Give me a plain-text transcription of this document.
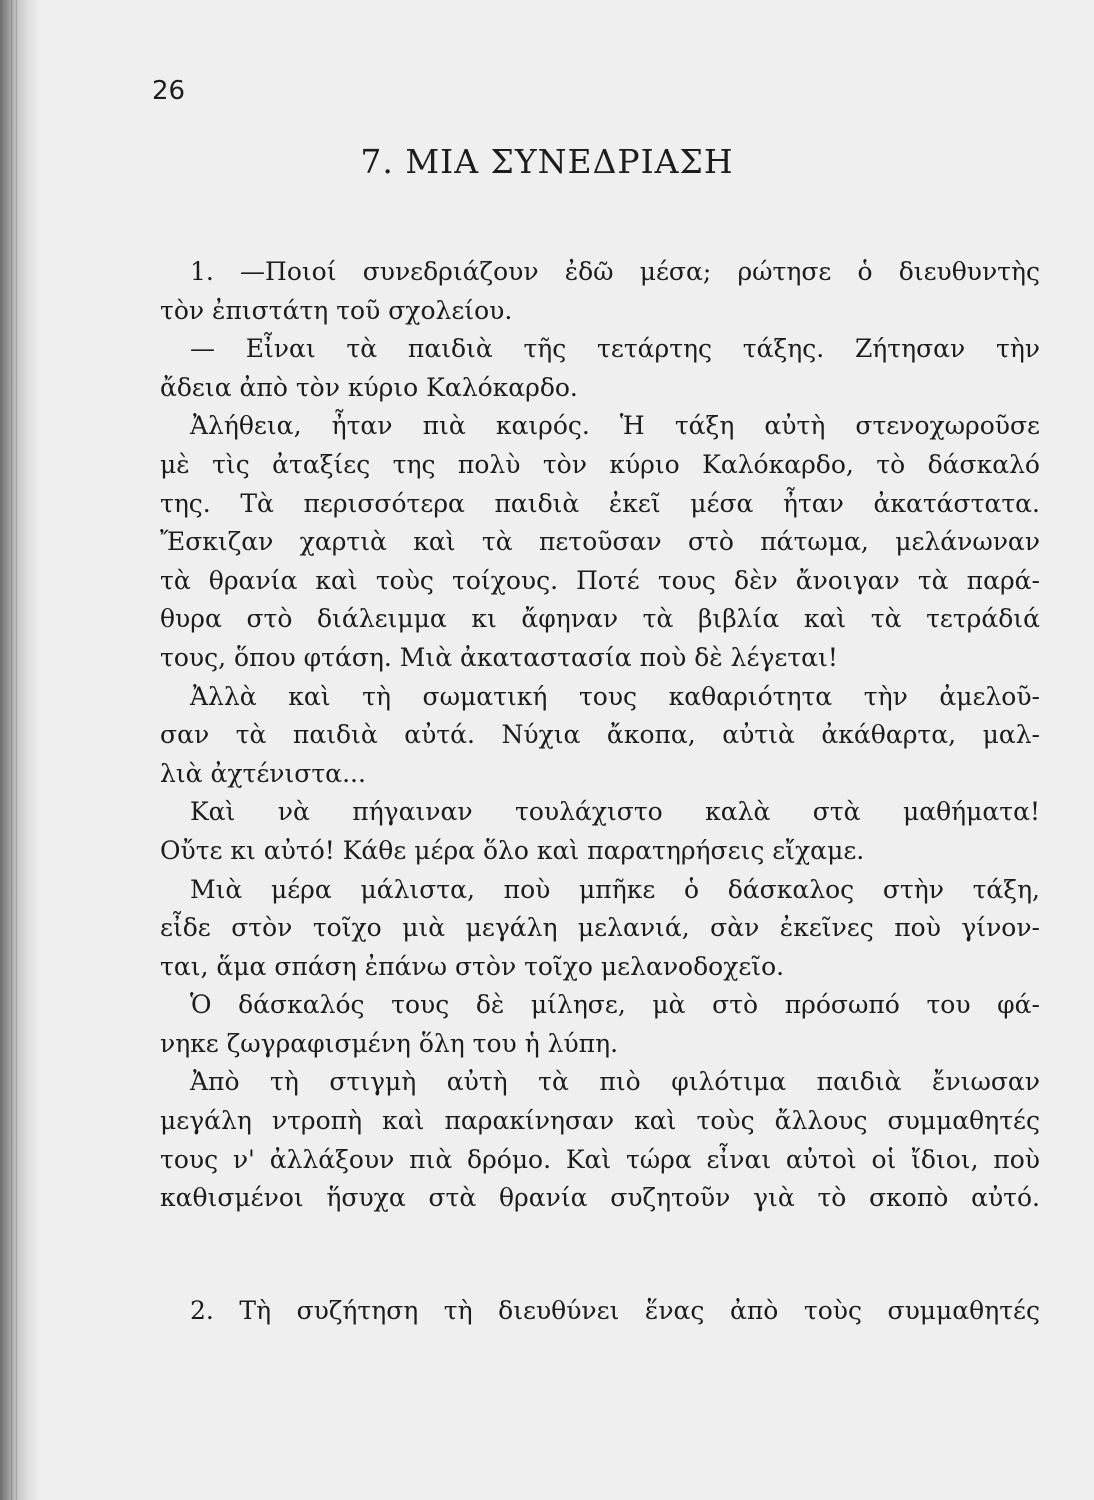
26
7. ΜΙΑ ΣΥΝΕΔΡΙΑΣΗ
1. —Ποιοί συνεδριάζουν ἐδῶ μέσα; ρώτησε ὁ διευθυντὴς
τὸν ἐπιστάτη τοῦ σχολείου.
— Εἶναι τὰ παιδιὰ τῆς τετάρτης τάξης. Ζήτησαν τὴν
ἄδεια ἀπὸ τὸν κύριο Καλόκαρδο.
Ἀλήθεια, ἦταν πιὰ καιρός. Ἡ τάξη αὐτὴ στενοχωροῦσε
μὲ τὶς ἀταξίες της πολὺ τὸν κύριο Καλόκαρδο, τὸ δάσκαλό
της. Τὰ περισσότερα παιδιὰ ἐκεῖ μέσα ἦταν ἀκατάστατα.
Ἔσκιζαν χαρτιὰ καὶ τὰ πετοῦσαν στὸ πάτωμα, μελάνωναν
τὰ θρανία καὶ τοὺς τοίχους. Ποτέ τους δὲν ἄνοιγαν τὰ παρά-
θυρα στὸ διάλειμμα κι ἄφηναν τὰ βιβλία καὶ τὰ τετράδιά
τους, ὅπου φτάση. Μιὰ ἀκαταστασία ποὺ δὲ λέγεται!
Ἀλλὰ καὶ τὴ σωματική τους καθαριότητα τὴν ἀμελοῦ-
σαν τὰ παιδιὰ αὐτά. Νύχια ἄκοπα, αὐτιὰ ἀκάθαρτα, μαλ-
λιὰ ἀχτένιστα...
Καὶ νὰ πήγαιναν τουλάχιστο καλὰ στὰ μαθήματα!
Οὔτε κι αὐτό! Κάθε μέρα ὅλο καὶ παρατηρήσεις εἴχαμε.
Μιὰ μέρα μάλιστα, ποὺ μπῆκε ὁ δάσκαλος στὴν τάξη,
εἶδε στὸν τοῖχο μιὰ μεγάλη μελανιά, σὰν ἐκεῖνες ποὺ γίνον-
ται, ἅμα σπάση ἐπάνω στὸν τοῖχο μελανοδοχεῖο.
Ὁ δάσκαλός τους δὲ μίλησε, μὰ στὸ πρόσωπό του φά-
νηκε ζωγραφισμένη ὅλη του ἡ λύπη.
Ἀπὸ τὴ στιγμὴ αὐτὴ τὰ πιὸ φιλότιμα παιδιὰ ἔνιωσαν
μεγάλη ντροπὴ καὶ παρακίνησαν καὶ τοὺς ἄλλους συμμαθητές
τους ν' ἀλλάξουν πιὰ δρόμο. Καὶ τώρα εἶναι αὐτοὶ οἱ ἴδιοι, ποὺ
καθισμένοι ἥσυχα στὰ θρανία συζητοῦν γιὰ τὸ σκοπὸ αὐτό.
2. Τὴ συζήτηση τὴ διευθύνει ἕνας ἀπὸ τοὺς συμμαθητές
